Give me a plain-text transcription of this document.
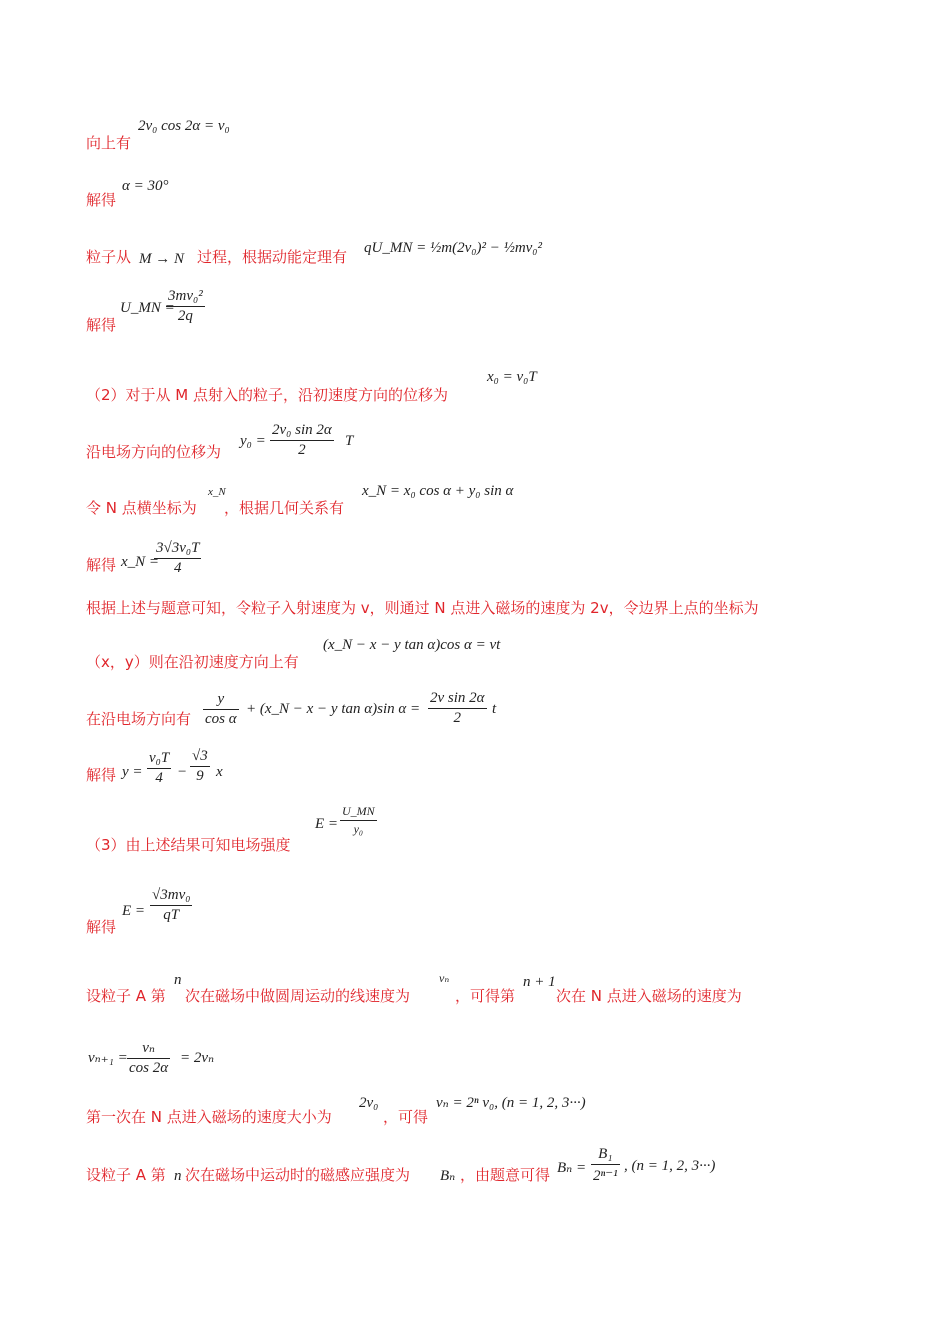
向上有
2v₀ cos 2α = v₀
解得
α = 30°
粒子从 M → N 过程，根据动能定理有 qU_MN = ½m(2v₀)² − ½mv₀²
解得
U_MN =
$\frac{\text{3mv₀²}}{2q}$
（2）对于从 M 点射入的粒子，沿初速度方向的位移为
x₀ = v₀T
沿电场方向的位移为
$y_0 = \frac{\text{2v₀ sin 2α}}{2}$ T
令 N 点横坐标为
x_N
，根据几何关系有
x_N = x₀ cos α + y₀ sin α
解得 x_N =
$\frac{\text{3√3v₀T}}{4}$
根据上述与题意可知，令粒子入射速度为 v，则通过 N 点进入磁场的速度为 2v，令边界上点的坐标为
（x，y）则在沿初速度方向上有
(x_N − x − y tan α)cos α = vt
在沿电场方向有 $\frac{y}{\text{cos α}}$ + (x_N − x − y tan α)sin $\alpha = \frac{\text{2v sin 2α}}{2}$ t
解得 $y = \frac{\text{v₀T}}{4} - \frac{√3}{9}$ x
（3）由上述结果可知电场强度
$E = \frac{U\_MN}{\text{y₀}}$
解得
$E = \frac{\text{√3mv₀}}{qT}$
设粒子 A 第
n
次在磁场中做圆周运动的线速度为
vₙ
，可得第
n + 1
次在 N 点进入磁场的速度为
$v_{n+1} = \frac{\text{vₙ}}{\cos 2\alpha} = 2v_n$
第一次在 N 点进入磁场的速度大小为
2v₀
，可得
vₙ = 2ⁿ v₀, (n = 1, 2, 3···)
设粒子 A 第 n 次在磁场中运动时的磁感应强度为 Bₙ ，由题意可得 $B_n = \frac{\text{B₁}}{\text{2ⁿ⁻¹}}$ , (n = 1, 2, 3···)
